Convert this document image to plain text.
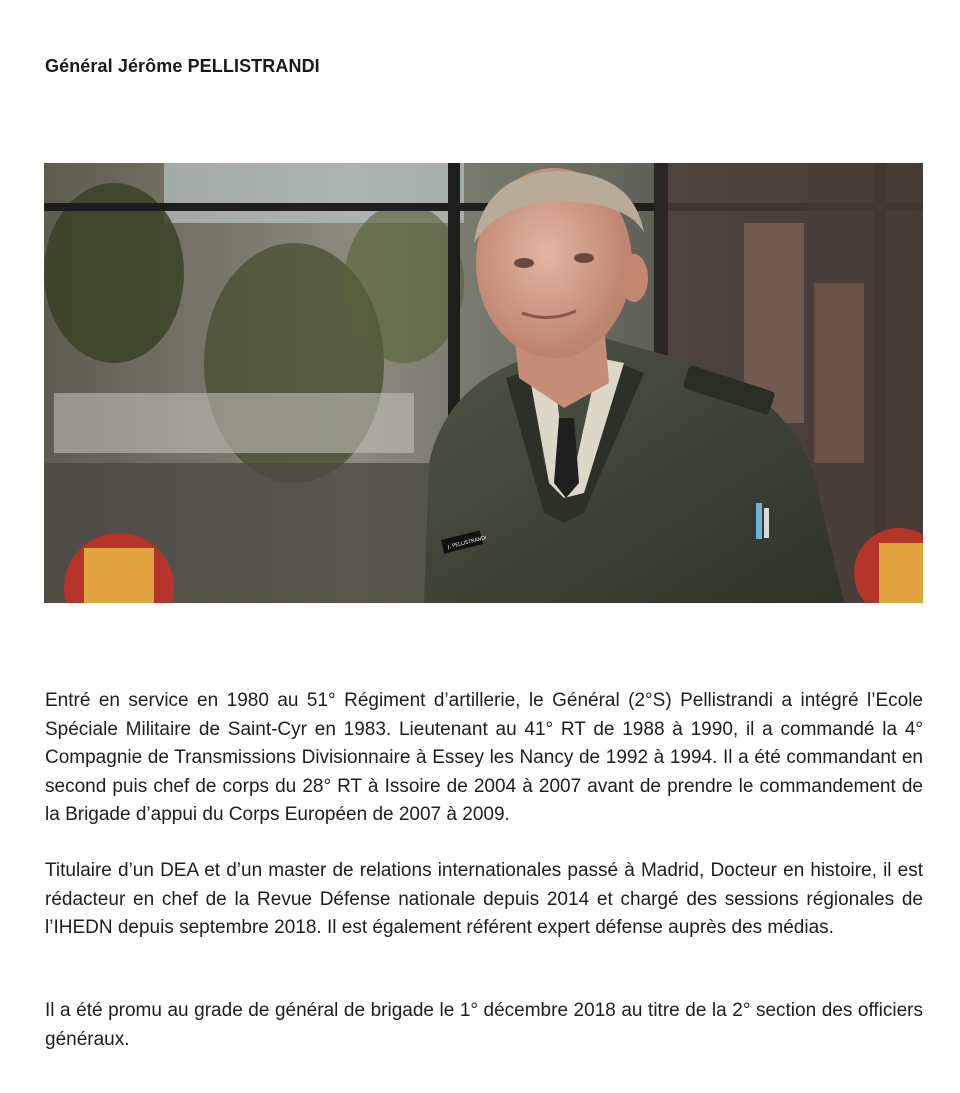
Général Jérôme PELLISTRANDI
J. PELLISTRANDI
Entré en service en 1980 au 51° Régiment d’artillerie, le Général (2°S) Pellistrandi a intégré l’Ecole Spéciale Militaire de Saint-Cyr en 1983. Lieutenant au 41° RT de 1988 à 1990, il a commandé la 4° Compagnie de Transmissions Divisionnaire à Essey les Nancy de 1992 à 1994. Il a été commandant en second puis chef de corps du 28° RT à Issoire de 2004 à 2007 avant de prendre le commandement de la Brigade d’appui du Corps Européen de 2007 à 2009.
Titulaire d’un DEA et d’un master de relations internationales passé à Madrid, Docteur en histoire, il est rédacteur en chef de la Revue Défense nationale depuis 2014 et chargé des sessions régionales de l’IHEDN depuis septembre 2018. Il est également référent expert défense auprès des médias.
Il a été promu au grade de général de brigade le 1° décembre 2018 au titre de la 2° section des officiers généraux.
